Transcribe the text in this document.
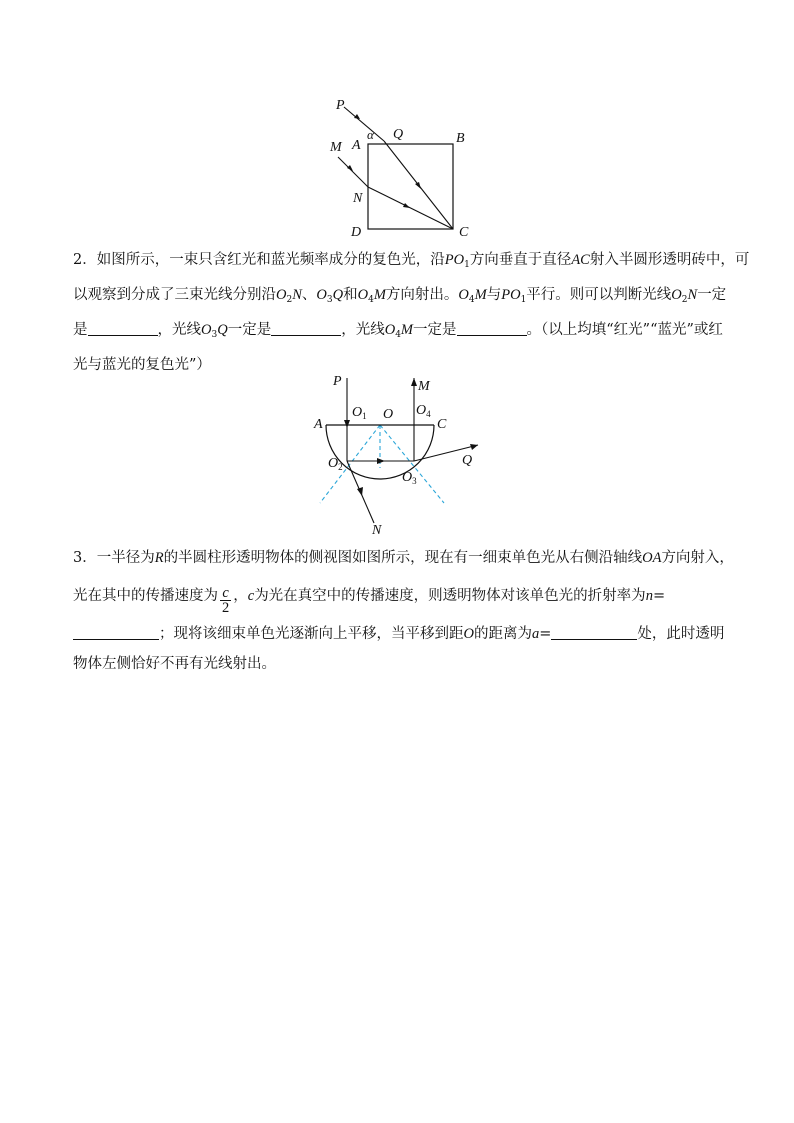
P
M A
α Q	B
N
D	C
2．如图所示，一束只含红光和蓝光频率成分的复色光，沿$PO_1$方向垂直于直径AC射入半圆形透明砖中，可
以观察到分成了三束光线分别沿$O_2N$、$O_3Q$和$O_4M$方向射出。$O_4M$与$PO_1$平行。则可以判断光线$O_2N$一定
是	，光线$O_3Q$一定是	，光线$O_4M$一定是	。（以上均填“红光”“蓝光”或红
光与蓝光的复色光”）
P	M
A	C
O
$O_1$	$O_4$
$O_2$
$O_3$
Q
N
3．一半径为R的半圆柱形透明物体的侧视图如图所示，现在有一细束单色光从右侧沿轴线OA方向射入，
光在其中的传播速度为 $\frac{c}{2}$ ，c为光在真空中的传播速度，则透明物体对该单色光的折射率为n=
；现将该细束单色光逐渐向上平移，当平移到距O的距离为a=	处，此时透明
物体左侧恰好不再有光线射出。
